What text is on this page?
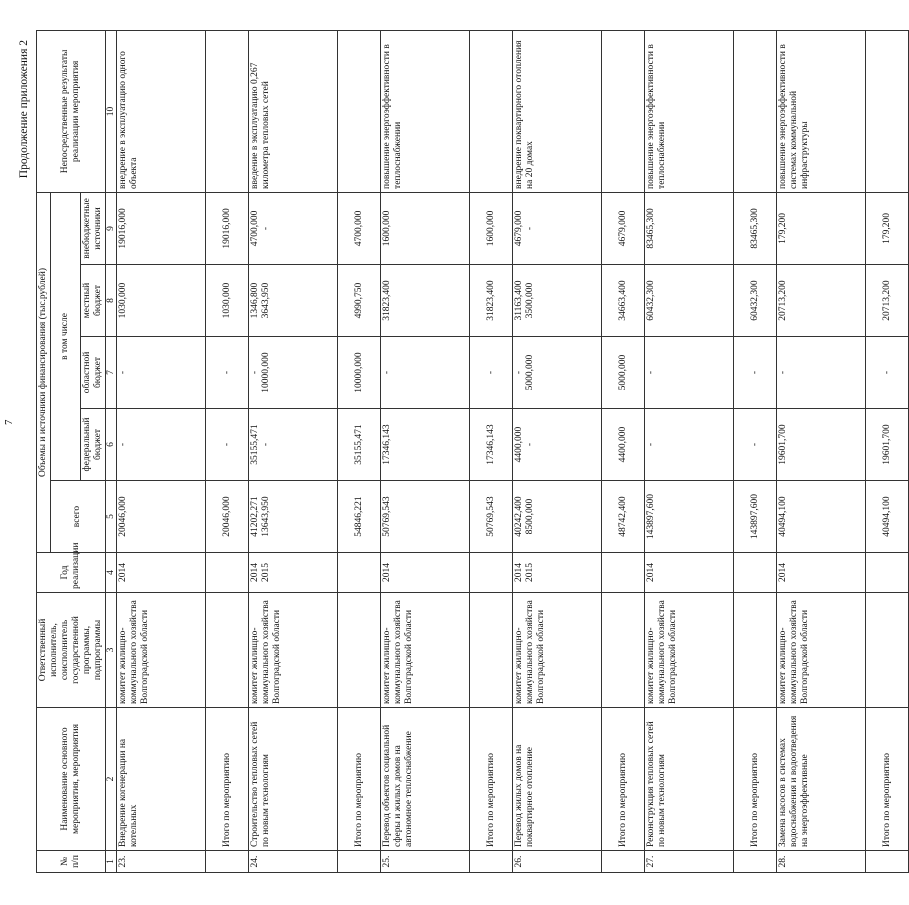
7
Продолжение приложения 2
№ п/п	Наименование основного мероприятия, мероприятия	Ответственный исполнитель, соисполнитель государственной программы, подпрограммы	Год реализации	Объемы и источники финансирования (тыс.рублей)					Непосредственные результаты реализации мероприятия
				всего	в том числе				
					федеральный бюджет	областной бюджет	местный бюджет	внебюджетные источники	
1	2	3	4	5	6	7	8	9	10
23.	Внедрение когенерации на котельных	комитет жилищно-коммунального хозяйства Волгоградской области	2014	20046,000	-	-	1030,000	19016,000	внедрение в эксплуатацию одного объекта
	Итого по мероприятию			20046,000	-	-	1030,000	19016,000	
24.	Строительство тепловых сетей по новым технологиям	комитет жилищно-коммунального хозяйства Волгоградской области	2014 2015	41202,271 13643,950	35155,471 -	- 10000,000	1346,800 3643,950	4700,000 -	введение в эксплуатацию 0,267 километра тепловых сетей
	Итого по мероприятию			54846,221	35155,471	10000,000	4990,750	4700,000	
25.	Перевод объектов социальной сферы и жилых домов на автономное теплоснабжение	комитет жилищно-коммунального хозяйства Волгоградской области	2014	50769,543	17346,143	-	31823,400	1600,000	повышение энергоэффективности в теплоснабжении
	Итого по мероприятию			50769,543	17346,143	-	31823,400	1600,000	
26.	Перевод жилых домов на поквартирное отопление	комитет жилищно-коммунального хозяйства Волгоградской области	2014 2015	40242,400 8500,000	4400,000 -	- 5000,000	31163,400 3500,000	4679,000 -	внедрение поквартирного отопления на 20 домах
	Итого по мероприятию			48742,400	4400,000	5000,000	34663,400	4679,000	
27.	Реконструкция тепловых сетей по новым технологиям	комитет жилищно-коммунального хозяйства Волгоградской области	2014	143897,600	-	-	60432,300	83465,300	повышение энергоэффективности в теплоснабжении
	Итого по мероприятию			143897,600	-	-	60432,300	83465,300	
28.	Замена насосов в системах водоснабжения и водоотведения на энергоэффективные	комитет жилищно-коммунального хозяйства Волгоградской области	2014	40494,100	19601,700	-	20713,200	179,200	повышение энергоэффективности в системах коммунальной инфраструктуры
	Итого по мероприятию			40494,100	19601,700	-	20713,200	179,200	
